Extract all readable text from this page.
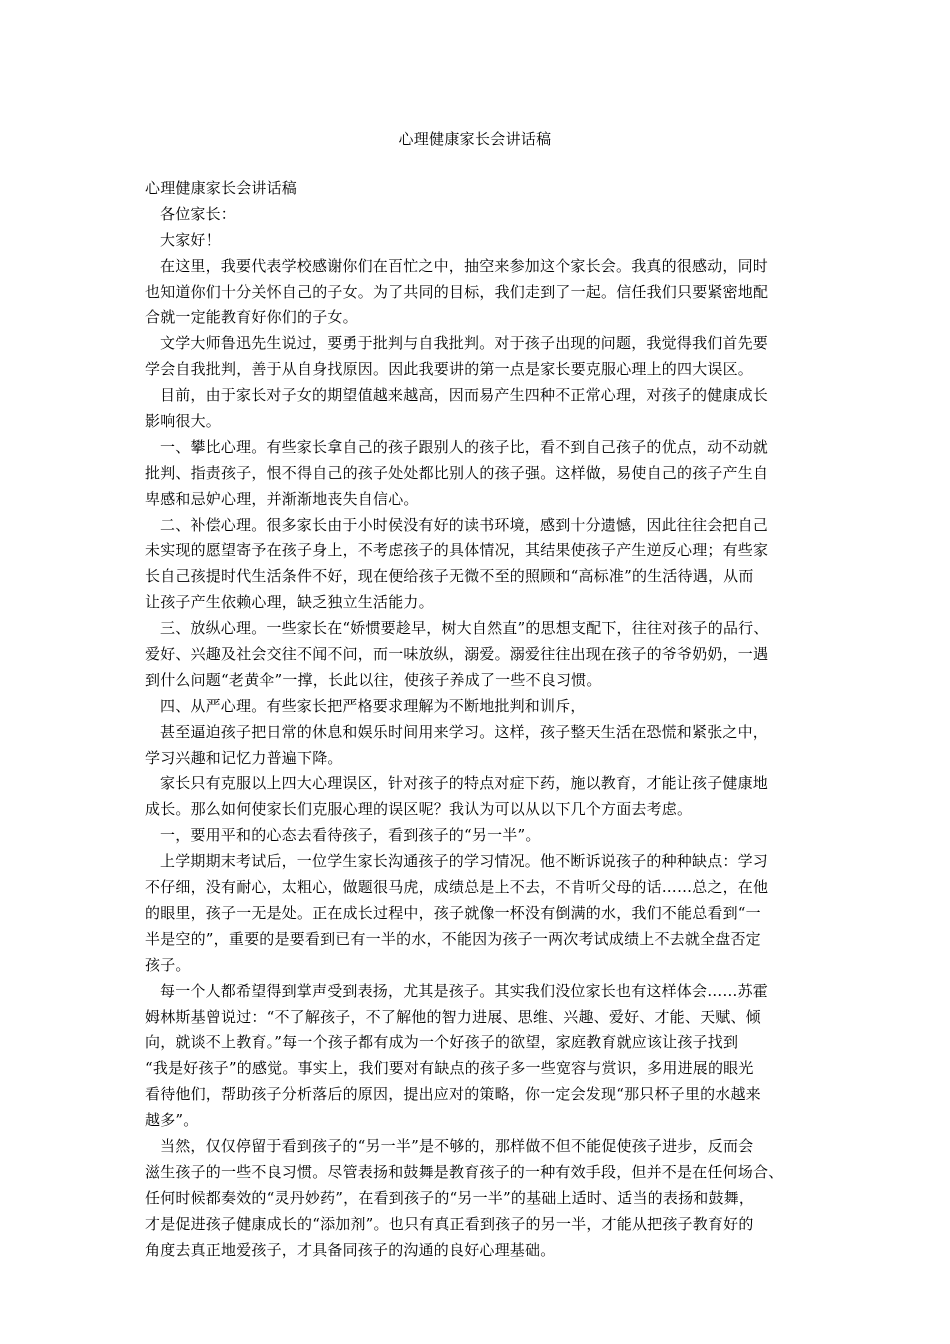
心理健康家长会讲话稿
心理健康家长会讲话稿
各位家长：
大家好！
在这里，我要代表学校感谢你们在百忙之中，抽空来参加这个家长会。我真的很感动，同时
也知道你们十分关怀自己的子女。为了共同的目标，我们走到了一起。信任我们只要紧密地配
合就一定能教育好你们的子女。
文学大师鲁迅先生说过，要勇于批判与自我批判。对于孩子出现的问题，我觉得我们首先要
学会自我批判，善于从自身找原因。因此我要讲的第一点是家长要克服心理上的四大误区。
目前，由于家长对子女的期望值越来越高，因而易产生四种不正常心理，对孩子的健康成长
影响很大。
一、攀比心理。有些家长拿自己的孩子跟别人的孩子比，看不到自己孩子的优点，动不动就
批判、指责孩子，恨不得自己的孩子处处都比别人的孩子强。这样做，易使自己的孩子产生自
卑感和忌妒心理，并渐渐地丧失自信心。
二、补偿心理。很多家长由于小时侯没有好的读书环境，感到十分遗憾，因此往往会把自己
未实现的愿望寄予在孩子身上，不考虑孩子的具体情况，其结果使孩子产生逆反心理；有些家
长自己孩提时代生活条件不好，现在便给孩子无微不至的照顾和“高标准”的生活待遇，从而
让孩子产生依赖心理，缺乏独立生活能力。
三、放纵心理。一些家长在“娇惯要趁早，树大自然直”的思想支配下，往往对孩子的品行、
爱好、兴趣及社会交往不闻不问，而一味放纵，溺爱。溺爱往往出现在孩子的爷爷奶奶，一遇
到什么问题“老黄伞”一撑，长此以往，使孩子养成了一些不良习惯。
四、从严心理。有些家长把严格要求理解为不断地批判和训斥，
甚至逼迫孩子把日常的休息和娱乐时间用来学习。这样，孩子整天生活在恐慌和紧张之中，
学习兴趣和记忆力普遍下降。
家长只有克服以上四大心理误区，针对孩子的特点对症下药，施以教育，才能让孩子健康地
成长。那么如何使家长们克服心理的误区呢？我认为可以从以下几个方面去考虑。
一，要用平和的心态去看待孩子，看到孩子的“另一半”。
上学期期末考试后，一位学生家长沟通孩子的学习情况。他不断诉说孩子的种种缺点：学习
不仔细，没有耐心，太粗心，做题很马虎，成绩总是上不去，不肯听父母的话……总之，在他
的眼里，孩子一无是处。正在成长过程中，孩子就像一杯没有倒满的水，我们不能总看到“一
半是空的”，重要的是要看到已有一半的水，不能因为孩子一两次考试成绩上不去就全盘否定
孩子。
每一个人都希望得到掌声受到表扬，尤其是孩子。其实我们没位家长也有这样体会……苏霍
姆林斯基曾说过：“不了解孩子，不了解他的智力进展、思维、兴趣、爱好、才能、天赋、倾
向，就谈不上教育。”每一个孩子都有成为一个好孩子的欲望，家庭教育就应该让孩子找到
“我是好孩子”的感觉。事实上，我们要对有缺点的孩子多一些宽容与赏识，多用进展的眼光
看待他们，帮助孩子分析落后的原因，提出应对的策略，你一定会发现“那只杯子里的水越来
越多”。
当然，仅仅停留于看到孩子的“另一半”是不够的，那样做不但不能促使孩子进步，反而会
滋生孩子的一些不良习惯。尽管表扬和鼓舞是教育孩子的一种有效手段，但并不是在任何场合、
任何时候都奏效的“灵丹妙药”，在看到孩子的“另一半”的基础上适时、适当的表扬和鼓舞，
才是促进孩子健康成长的“添加剂”。也只有真正看到孩子的另一半，才能从把孩子教育好的
角度去真正地爱孩子，才具备同孩子的沟通的良好心理基础。
